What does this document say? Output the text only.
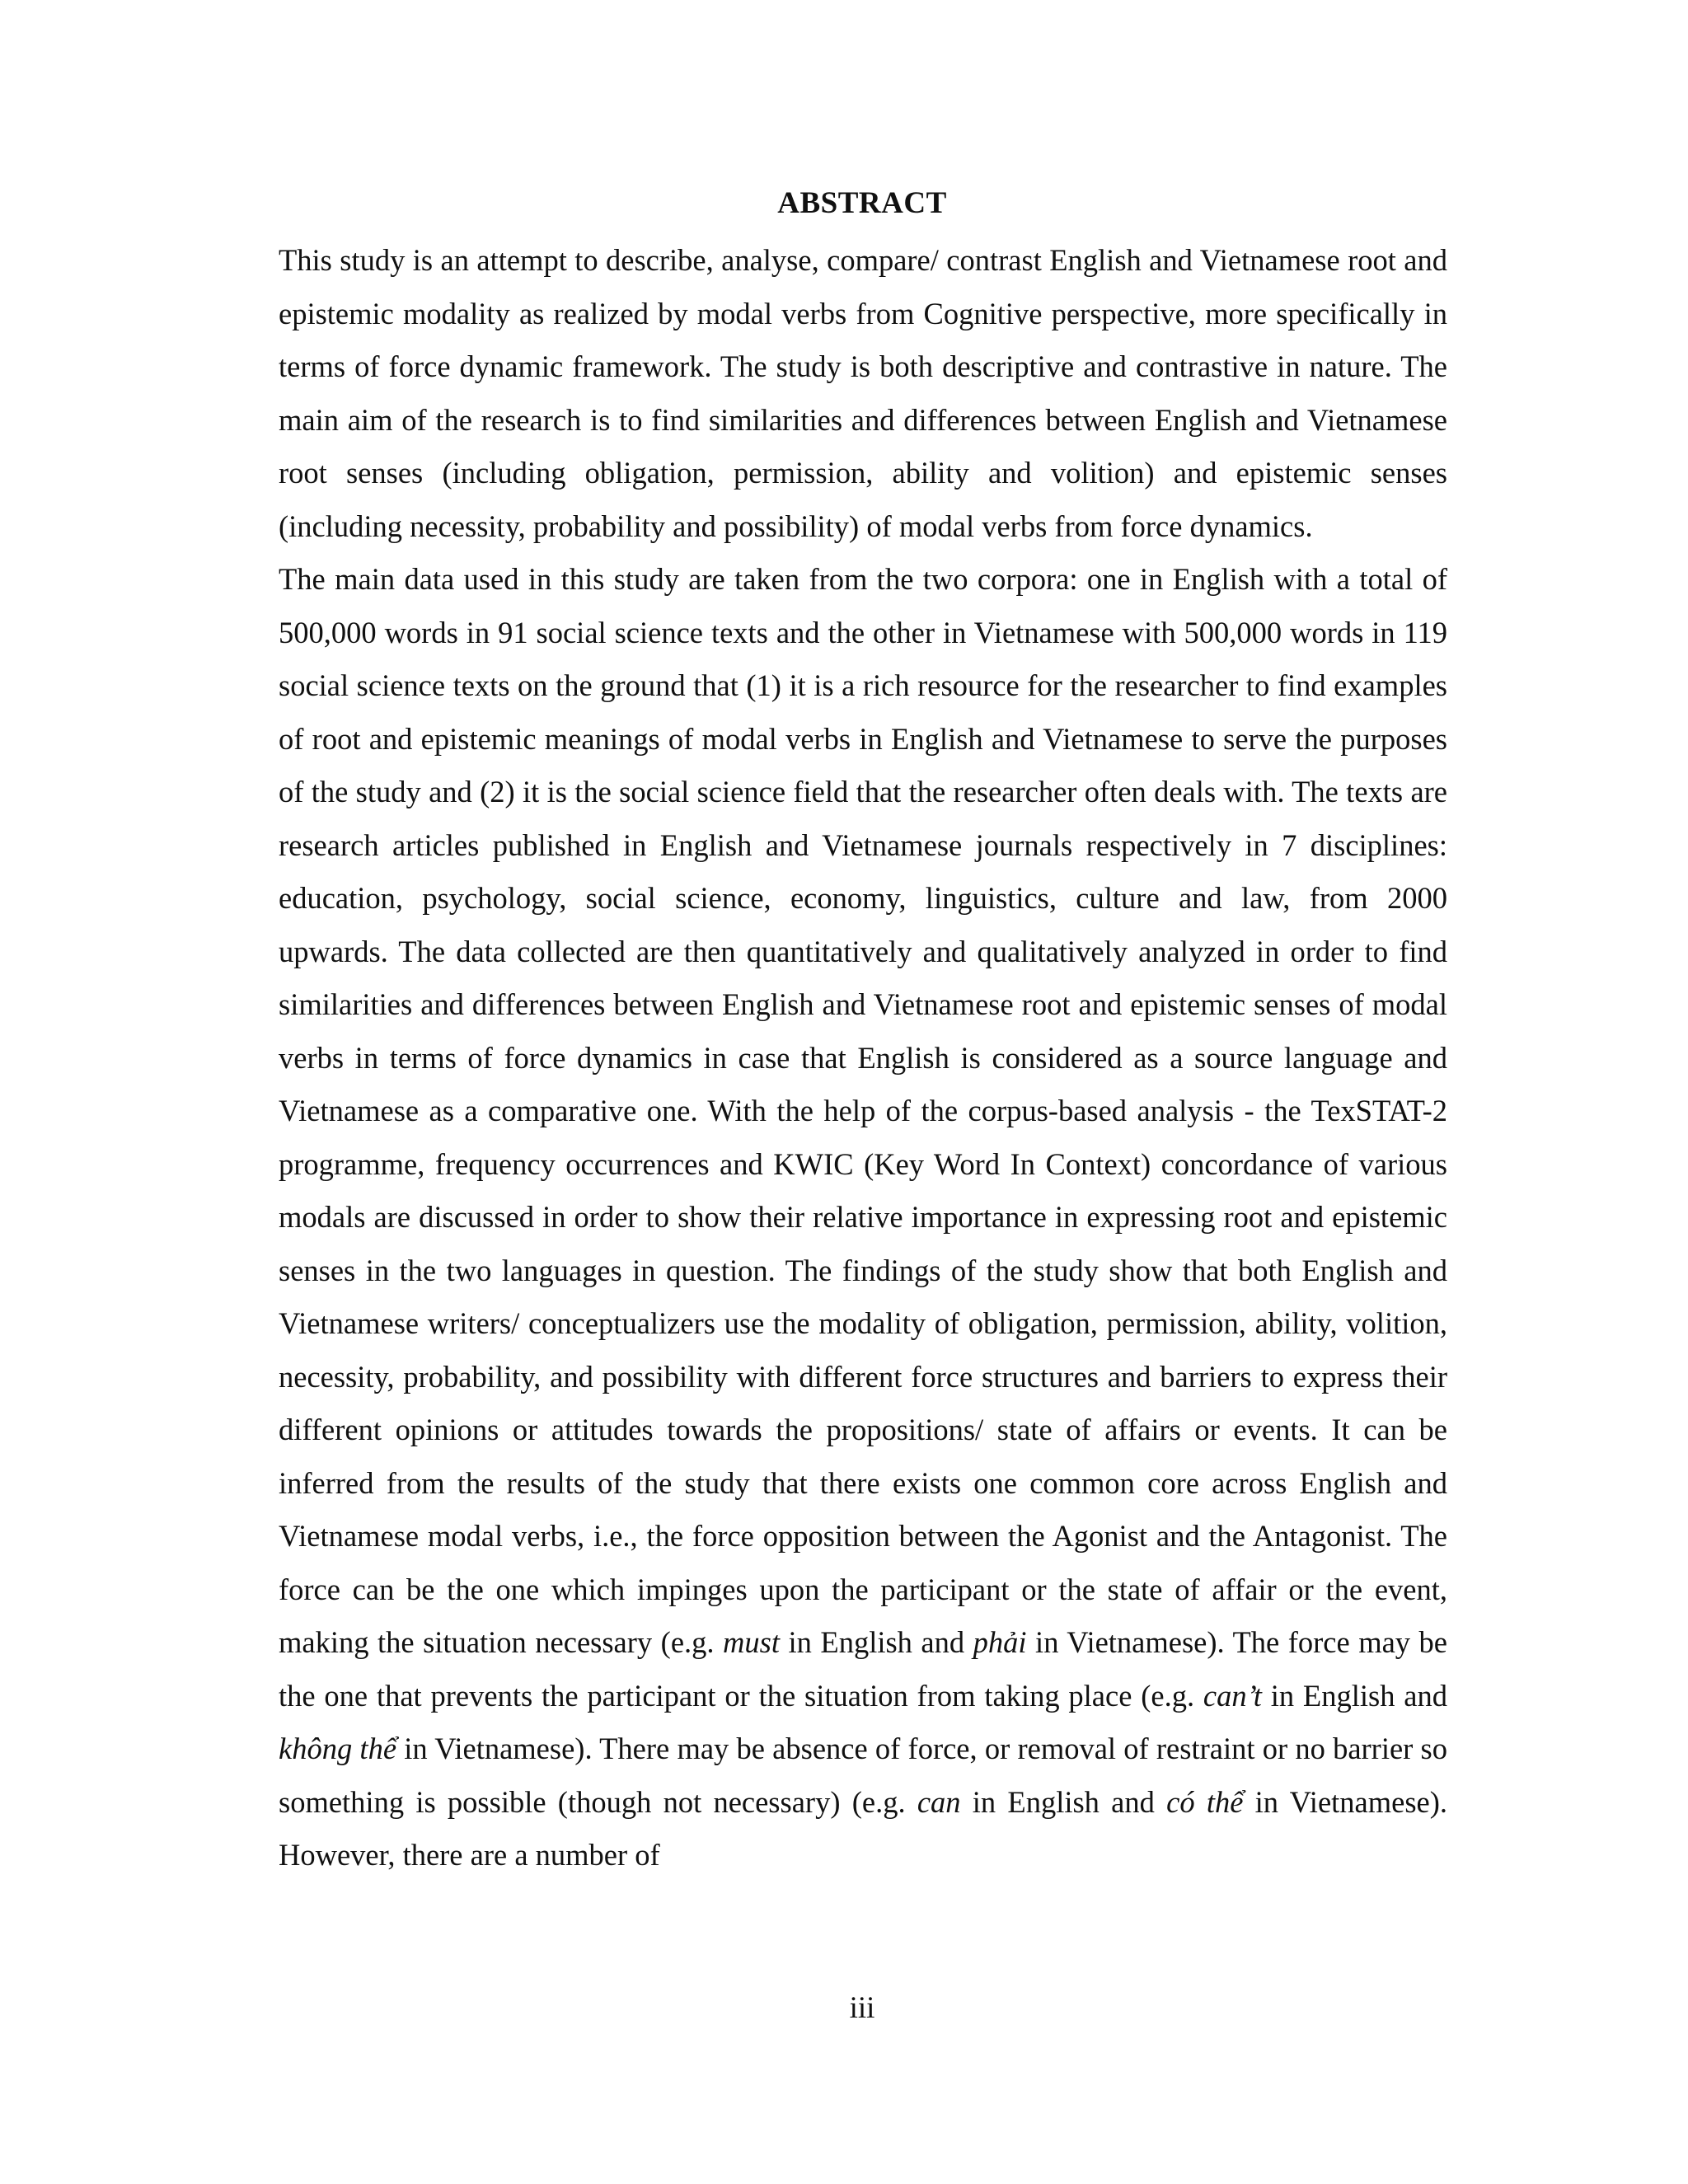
ABSTRACT

This study is an attempt to describe, analyse, compare/ contrast English and Vietnamese root and epistemic modality as realized by modal verbs from Cognitive perspective, more specifically in terms of force dynamic framework. The study is both descriptive and contrastive in nature. The main aim of the research is to find similarities and differences between English and Vietnamese root senses (including obligation, permission, ability and volition) and epistemic senses (including necessity, probability and possibility) of modal verbs from force dynamics.

The main data used in this study are taken from the two corpora: one in English with a total of 500,000 words in 91 social science texts and the other in Vietnamese with 500,000 words in 119 social science texts on the ground that (1) it is a rich resource for the researcher to find examples of root and epistemic meanings of modal verbs in English and Vietnamese to serve the purposes of the study and (2) it is the social science field that the researcher often deals with. The texts are research articles published in English and Vietnamese journals respectively in 7 disciplines: education, psychology, social science, economy, linguistics, culture and law, from 2000 upwards. The data collected are then quantitatively and qualitatively analyzed in order to find similarities and differences between English and Vietnamese root and epistemic senses of modal verbs in terms of force dynamics in case that English is considered as a source language and Vietnamese as a comparative one. With the help of the corpus-based analysis - the TexSTAT-2 programme, frequency occurrences and KWIC (Key Word In Context) concordance of various modals are discussed in order to show their relative importance in expressing root and epistemic senses in the two languages in question. The findings of the study show that both English and Vietnamese writers/ conceptualizers use the modality of obligation, permission, ability, volition, necessity, probability, and possibility with different force structures and barriers to express their different opinions or attitudes towards the propositions/ state of affairs or events. It can be inferred from the results of the study that there exists one common core across English and Vietnamese modal verbs, i.e., the force opposition between the Agonist and the Antagonist. The force can be the one which impinges upon the participant or the state of affair or the event, making the situation necessary (e.g. must in English and phải in Vietnamese). The force may be the one that prevents the participant or the situation from taking place (e.g. can’t in English and không thể in Vietnamese). There may be absence of force, or removal of restraint or no barrier so something is possible (though not necessary) (e.g. can in English and có thể in Vietnamese). However, there are a number of

iii
